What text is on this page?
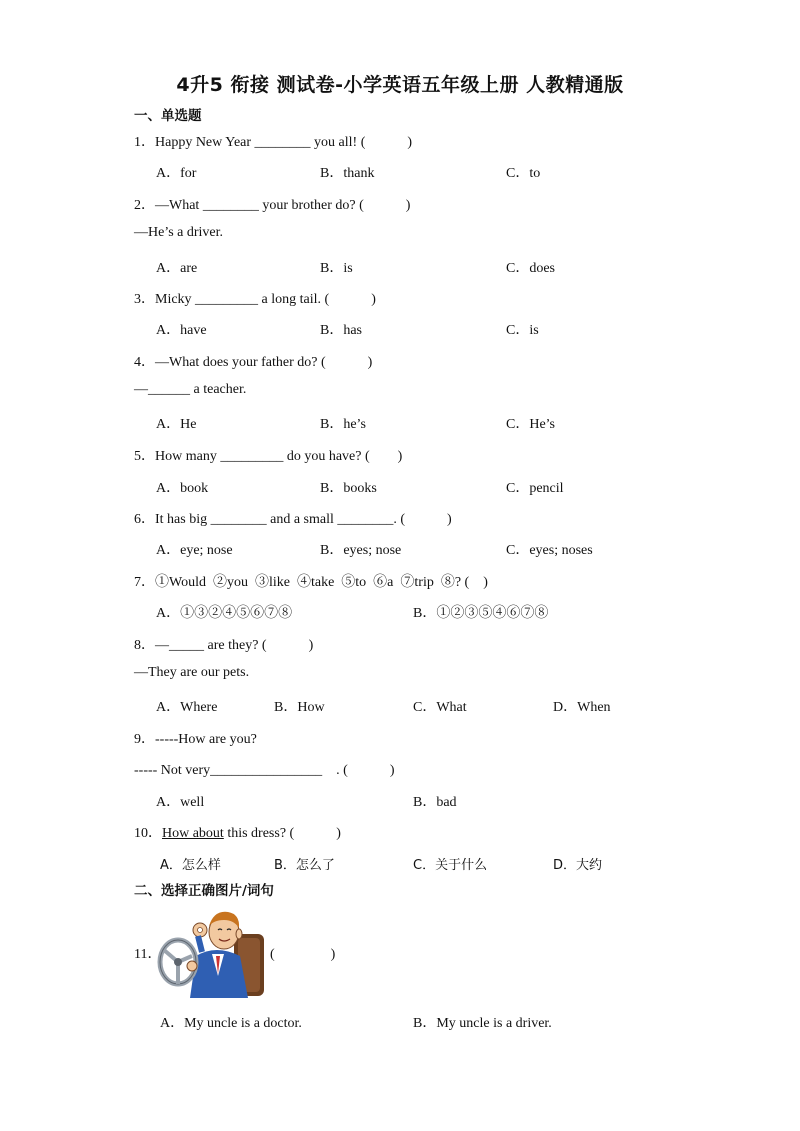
4升5 衔接 测试卷-小学英语五年级上册 人教精通版
一、单选题
1．Happy New Year ________ you all! (　　　)
A．for	B．thank	C．to
2．—What ________ your brother do? (　　　)
—He’s a driver.
A．are	B．is	C．does
3．Micky _________ a long tail. (　　　)
A．have	B．has	C．is
4．—What does your father do? (　　　)
—______ a teacher.
A．He	B．he’s	C．He’s
5．How many _________ do you have? (　　)
A．book	B．books	C．pencil
6．It has big ________ and a small ________. (　　　)
A．eye; nose	B．eyes; nose	C．eyes; noses
7．①Would  ②you  ③like  ④take  ⑤to  ⑥a  ⑦trip  ⑧? (　)
A．①③②④⑤⑥⑦⑧	B．①②③⑤④⑥⑦⑧
8．—_____ are they? (　　　)
—They are our pets.
A．Where	B．How	C．What	D．When
9．-----How are you?
----- Not very________________　. (　　　)
A．well	B．bad
10．How about this dress? (　　　)
A．怎么样	B．怎么了	C．关于什么	D．大约
二、选择正确图片/词句
11．	(　　　　)
A．My uncle is a doctor.	B．My uncle is a driver.
